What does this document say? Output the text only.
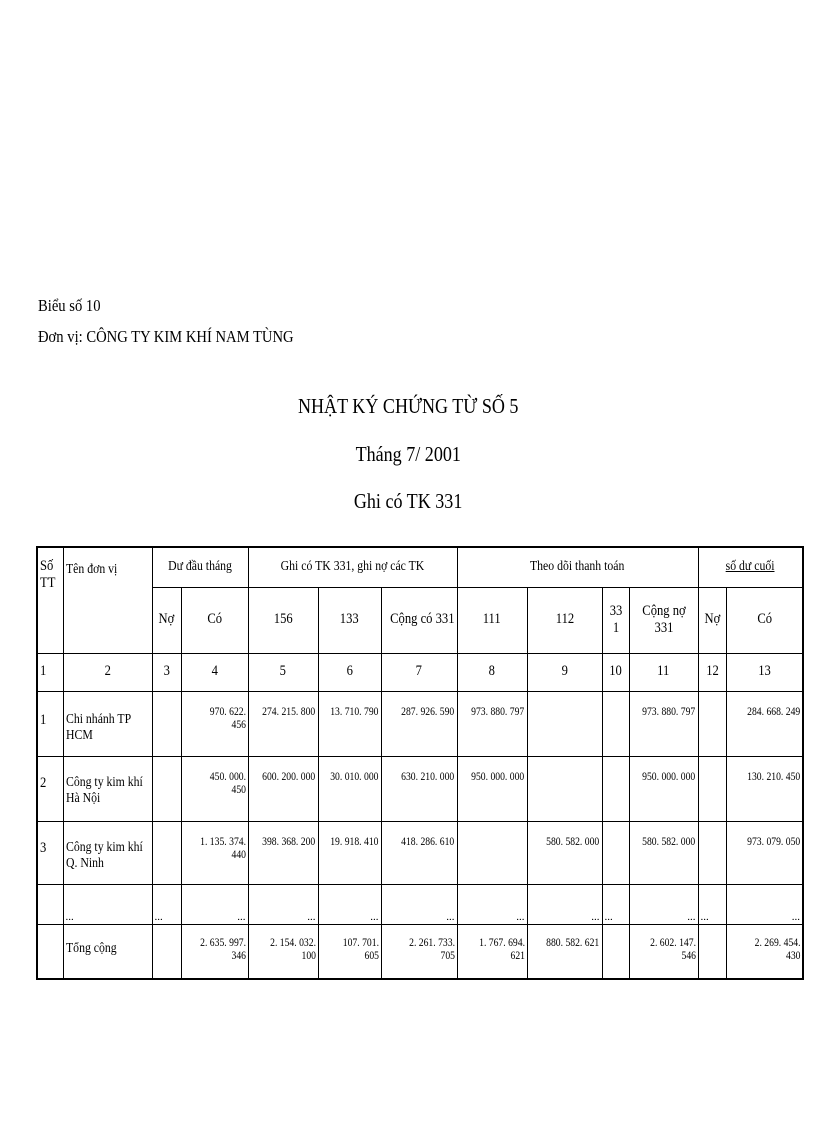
Biểu số 10
Đơn vị: CÔNG TY KIM KHÍ NAM TÙNG
NHẬT KÝ CHỨNG TỪ SỐ 5
Tháng 7/ 2001
Ghi có TK 331
Số TT	Tên đơn vị	Dư đầu tháng		Ghi có TK 331, ghi nợ các TK			Theo dõi thanh toán				số dư cuối	
		Nợ	Có	156	133	Cộng có 331	111	112	33 1	Cộng nợ 331	Nợ	Có
1	2	3	4	5	6	7	8	9	10	11	12	13
1	Chi nhánh TP HCM		970. 622. 456	274. 215. 800	13. 710. 790	287. 926. 590	973. 880. 797			973. 880. 797		284. 668. 249
2	Công ty kim khí Hà Nội		450. 000. 450	600. 200. 000	30. 010. 000	630. 210. 000	950. 000. 000			950. 000. 000		130. 210. 450
3	Công ty kim khí Q. Ninh		1. 135. 374. 440	398. 368. 200	19. 918. 410	418. 286. 610		580. 582. 000		580. 582. 000		973. 079. 050
	...	...	...	...	...	...	...	...	...	...	...	...
	Tổng cộng		2. 635. 997. 346	2. 154. 032. 100	107. 701. 605	2. 261. 733. 705	1. 767. 694. 621	880. 582. 621		2. 602. 147. 546		2. 269. 454. 430
